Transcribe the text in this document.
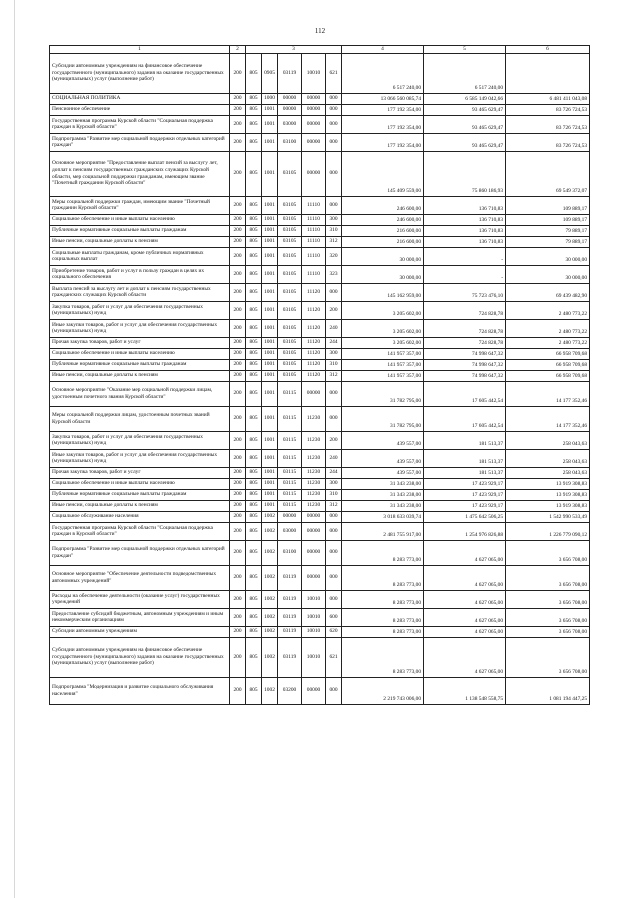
112
1	2	3					4	5	6
Субсидии автономным учреждениям на финансовое обеспечение государственного (муниципального) задания на оказание государственных (муниципальных) услуг (выполнение работ)	200	805	0905	03119	10010	621	6 517 240,00	6 517 240,00	
СОЦИАЛЬНАЯ ПОЛИТИКА	200	805	1000	00000	00000	000	13 066 560 085,74	6 585 149 042,66	6 481 411 043,08
Пенсионное обеспечение	200	805	1001	00000	00000	000	177 192 354,00	93 465 629,47	83 726 724,53
Государственная программа Курской области "Социальная поддержка граждан в Курской области"	200	805	1001	03000	00000	000	177 192 354,00	93 465 629,47	83 726 724,53
Подпрограмма "Развитие мер социальной поддержки отдельных категорий граждан"	200	805	1001	03100	00000	000	177 192 354,00	93 465 629,47	83 726 724,53
Основное мероприятие "Предоставление выплат пенсий за выслугу лет, доплат к пенсиям государственных гражданских служащих Курской области, мер социальной поддержки гражданам, имеющим звание "Почетный гражданин Курской области"	200	805	1001	03105	00000	000	145 409 559,00	75 860 186,93	69 549 372,07
Меры социальной поддержки граждан, имеющим звание "Почетный гражданин Курской области"	200	805	1001	03105	11110	000	246 600,00	136 710,83	109 889,17
Социальное обеспечение и иные выплаты населению	200	805	1001	03105	11110	300	246 600,00	136 710,83	109 889,17
Публичные нормативные социальные выплаты гражданам	200	805	1001	03105	11110	310	216 600,00	136 710,83	79 889,17
Иные пенсии, социальные доплаты к пенсиям	200	805	1001	03105	11110	312	216 600,00	136 710,83	79 889,17
Социальные выплаты гражданам, кроме публичных нормативных социальных выплат	200	805	1001	03105	11110	320	30 000,00	-	30 000,00
Приобретение товаров, работ и услуг в пользу граждан в целях их социального обеспечения	200	805	1001	03105	11110	323	30 000,00	-	30 000,00
Выплата пенсий за выслугу лет и доплат к пенсиям государственных гражданских служащих Курской области	200	805	1001	03105	11120	000	145 162 959,00	75 723 476,10	69 439 482,90
Закупка товаров, работ и услуг для обеспечения государственных (муниципальных) нужд	200	805	1001	03105	11120	200	3 205 602,00	724 828,78	2 480 773,22
Иные закупки товаров, работ и услуг для обеспечения государственных (муниципальных) нужд	200	805	1001	03105	11120	240	3 205 602,00	724 828,78	2 480 773,22
Прочая закупка товаров, работ и услуг	200	805	1001	03105	11120	244	3 205 602,00	724 828,78	2 480 773,22
Социальное обеспечение и иные выплаты населению	200	805	1001	03105	11120	300	141 957 357,00	74 998 647,32	66 958 709,68
Публичные нормативные социальные выплаты гражданам	200	805	1001	03105	11120	310	141 957 357,00	74 998 647,32	66 958 709,68
Иные пенсии, социальные доплаты к пенсиям	200	805	1001	03105	11120	312	141 957 357,00	74 998 647,32	66 958 709,68
Основное мероприятие "Оказание мер социальной поддержки лицам, удостоенным почетного звания Курской области"	200	805	1001	03115	00000	000	31 782 795,00	17 605 442,54	14 177 352,46
Меры социальной поддержки лицам, удостоенным почетных званий Курской области	200	805	1001	03115	11230	000	31 782 795,00	17 605 442,54	14 177 352,46
Закупка товаров, работ и услуг для обеспечения государственных (муниципальных) нужд	200	805	1001	03115	11230	200	439 557,00	181 513,37	258 043,63
Иные закупки товаров, работ и услуг для обеспечения государственных (муниципальных) нужд	200	805	1001	03115	11230	240	439 557,00	181 513,37	258 043,63
Прочая закупка товаров, работ и услуг	200	805	1001	03115	11230	244	439 557,00	181 513,37	258 043,63
Социальное обеспечение и иные выплаты населению	200	805	1001	03115	11230	300	31 343 238,00	17 423 929,17	13 919 308,83
Публичные нормативные социальные выплаты гражданам	200	805	1001	03115	11230	310	31 343 238,00	17 423 929,17	13 919 308,83
Иные пенсии, социальные доплаты к пенсиям	200	805	1001	03115	11230	312	31 343 238,00	17 423 929,17	13 919 308,83
Социальное обслуживание населения	200	805	1002	00000	00000	000	3 018 633 039,74	1 475 642 506,25	1 542 990 533,49
Государственная программа Курской области "Социальная поддержка граждан в Курской области"	200	805	1002	03000	00000	000	2 481 755 917,00	1 254 976 826,88	1 226 779 090,12
Подпрограмма "Развитие мер социальной поддержки отдельных категорий граждан"	200	805	1002	03100	00000	000	8 283 773,00	4 627 065,00	3 656 708,00
Основное мероприятие "Обеспечение деятельности подведомственных автономных учреждений"	200	805	1002	03119	00000	000	8 283 773,00	4 627 065,00	3 656 708,00
Расходы на обеспечение деятельности (оказание услуг) государственных учреждений	200	805	1002	03119	10010	000	8 283 773,00	4 627 065,00	3 656 708,00
Предоставление субсидий бюджетным, автономным учреждениям и иным некоммерческим организациям	200	805	1002	03119	10010	600	8 283 773,00	4 627 065,00	3 656 708,00
Субсидии автономным учреждениям	200	805	1002	03119	10010	620	8 283 773,00	4 627 065,00	3 656 708,00
Субсидии автономным учреждениям на финансовое обеспечение государственного (муниципального) задания на оказание государственных (муниципальных) услуг (выполнение работ)	200	805	1002	03119	10010	621	8 283 773,00	4 627 065,00	3 656 708,00
Подпрограмма "Модернизация и развитие социального обслуживания населения"	200	805	1002	03200	00000	000	2 219 743 006,00	1 138 548 558,75	1 081 194 447,25
